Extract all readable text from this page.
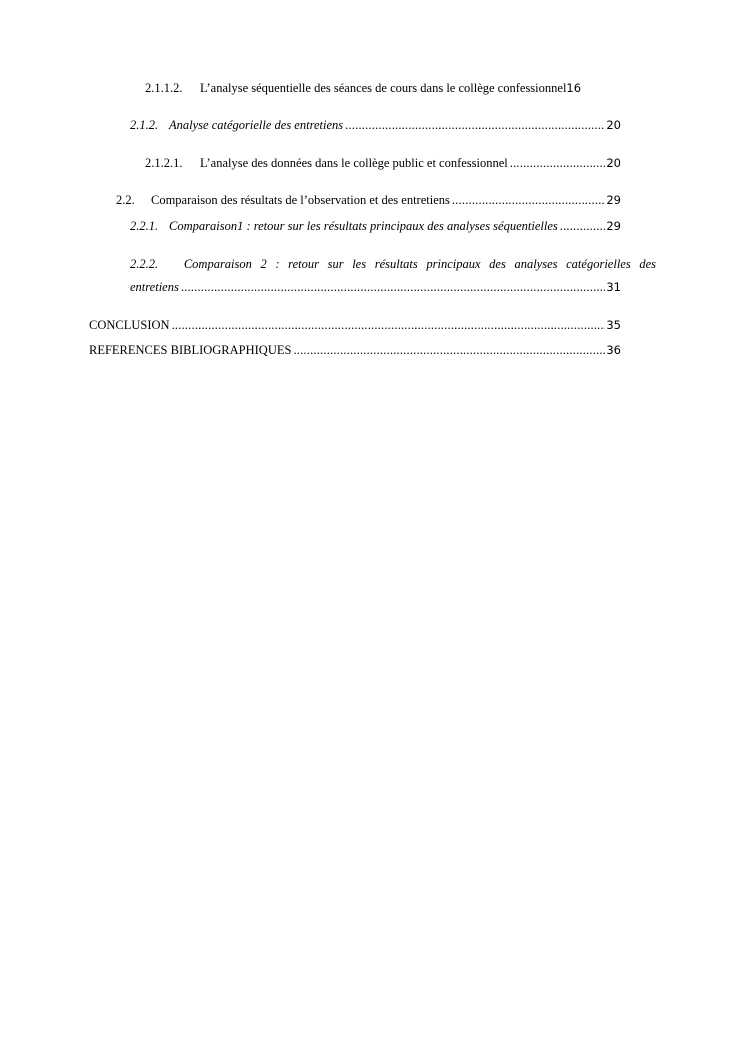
2.1.1.2.	L’analyse séquentielle des séances de cours dans le collège confessionnel 16
2.1.2. Analyse catégorielle des entretiens .....	20
2.1.2.1.	L’analyse des données dans le collège public et confessionnel .....	20
2.2.	Comparaison des résultats de l’observation et des entretiens .....	29
2.2.1. Comparaison1 : retour sur les résultats principaux des analyses séquentielles .....	29
2.2.2. Comparaison 2 : retour sur les résultats principaux des analyses catégorielles des
entretiens .....	31
CONCLUSION .....	35
REFERENCES BIBLIOGRAPHIQUES .....	36
